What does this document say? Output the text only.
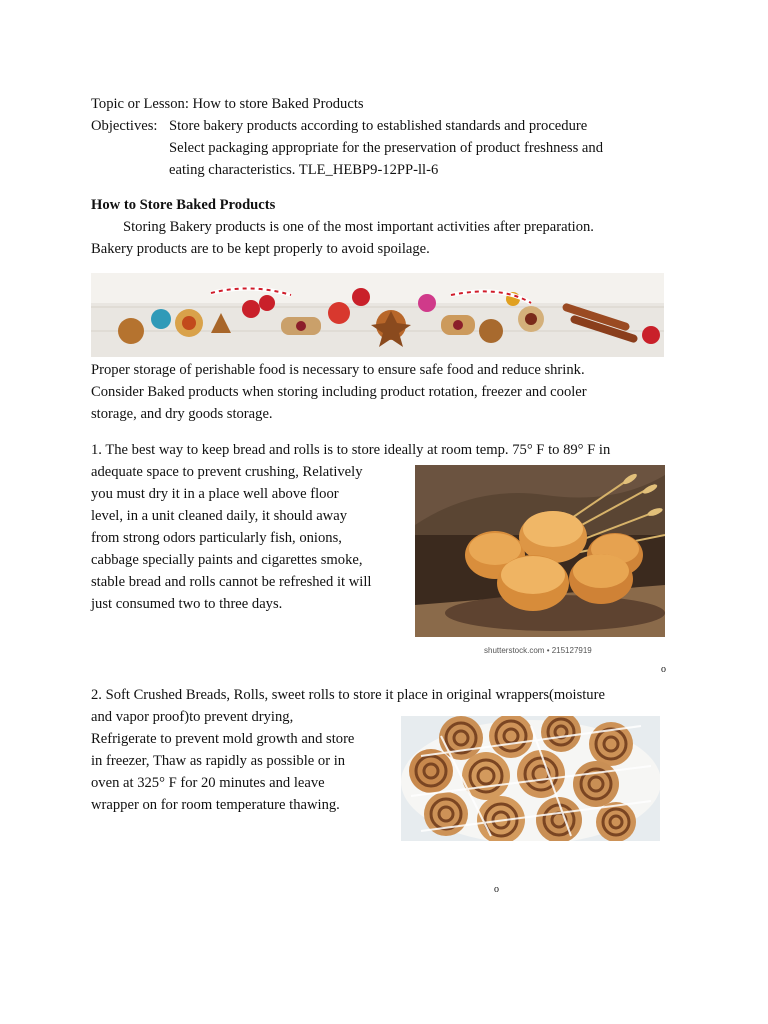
Topic or Lesson: How to store Baked Products
Objectives: Store bakery products according to established standards and procedure
Select packaging appropriate for the preservation of product freshness and
eating characteristics. TLE_HEBP9-12PP-ll-6
How to Store Baked Products
Storing Bakery products is one of the most important activities after preparation.
Bakery products are to be kept properly to avoid spoilage.
Proper storage of perishable food is necessary to ensure safe food and reduce shrink.
Consider Baked products when storing including product rotation, freezer and cooler
storage, and dry goods storage.
1. The best way to keep bread and rolls is to store ideally at room temp. 75° F to 89° F in
adequate space to prevent crushing, Relatively
you must dry it in a place well above floor
level, in a unit cleaned daily, it should away
from strong odors particularly fish, onions,
cabbage specially paints and cigarettes smoke,
stable bread and rolls cannot be refreshed it will
just consumed two to three days.
shutterstock.com • 215127919
o
2. Soft Crushed Breads, Rolls, sweet rolls to store it place in original wrappers(moisture
and vapor proof)to prevent drying,
Refrigerate to prevent mold growth and store
in freezer, Thaw as rapidly as possible or in
oven at 325° F for 20 minutes and leave
wrapper on for room temperature thawing.
o
